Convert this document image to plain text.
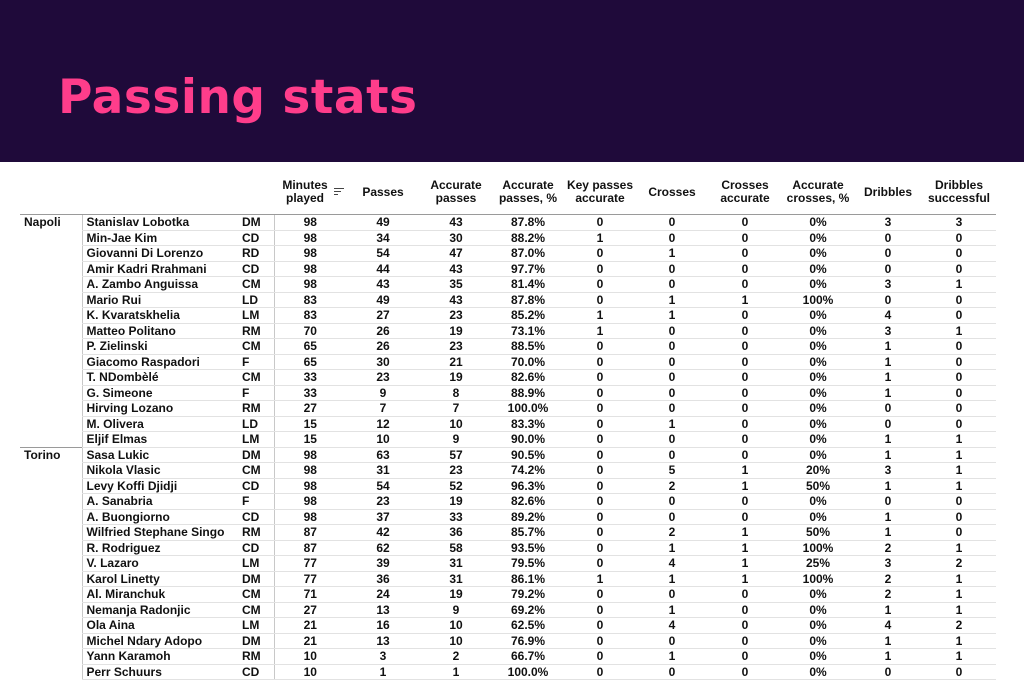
Passing stats
			Minutes played	Passes	Accurate passes	Accurate passes, %	Key passes accurate	Crosses	Crosses accurate	Accurate crosses, %	Dribbles	Dribbles successful
Napoli	Stanislav Lobotka	DM	98	49	43	87.8%	0	0	0	0%	3	3
	Min-Jae Kim	CD	98	34	30	88.2%	1	0	0	0%	0	0
	Giovanni Di Lorenzo	RD	98	54	47	87.0%	0	1	0	0%	0	0
	Amir Kadri Rrahmani	CD	98	44	43	97.7%	0	0	0	0%	0	0
	A. Zambo Anguissa	CM	98	43	35	81.4%	0	0	0	0%	3	1
	Mario Rui	LD	83	49	43	87.8%	0	1	1	100%	0	0
	K. Kvaratskhelia	LM	83	27	23	85.2%	1	1	0	0%	4	0
	Matteo Politano	RM	70	26	19	73.1%	1	0	0	0%	3	1
	P. Zielinski	CM	65	26	23	88.5%	0	0	0	0%	1	0
	Giacomo Raspadori	F	65	30	21	70.0%	0	0	0	0%	1	0
	T. NDombèlé	CM	33	23	19	82.6%	0	0	0	0%	1	0
	G. Simeone	F	33	9	8	88.9%	0	0	0	0%	1	0
	Hirving Lozano	RM	27	7	7	100.0%	0	0	0	0%	0	0
	M. Olivera	LD	15	12	10	83.3%	0	1	0	0%	0	0
	Eljif Elmas	LM	15	10	9	90.0%	0	0	0	0%	1	1
Torino	Sasa Lukic	DM	98	63	57	90.5%	0	0	0	0%	1	1
	Nikola Vlasic	CM	98	31	23	74.2%	0	5	1	20%	3	1
	Levy Koffi Djidji	CD	98	54	52	96.3%	0	2	1	50%	1	1
	A. Sanabria	F	98	23	19	82.6%	0	0	0	0%	0	0
	A. Buongiorno	CD	98	37	33	89.2%	0	0	0	0%	1	0
	Wilfried Stephane Singo	RM	87	42	36	85.7%	0	2	1	50%	1	0
	R. Rodriguez	CD	87	62	58	93.5%	0	1	1	100%	2	1
	V. Lazaro	LM	77	39	31	79.5%	0	4	1	25%	3	2
	Karol Linetty	DM	77	36	31	86.1%	1	1	1	100%	2	1
	Al. Miranchuk	CM	71	24	19	79.2%	0	0	0	0%	2	1
	Nemanja Radonjic	CM	27	13	9	69.2%	0	1	0	0%	1	1
	Ola Aina	LM	21	16	10	62.5%	0	4	0	0%	4	2
	Michel Ndary Adopo	DM	21	13	10	76.9%	0	0	0	0%	1	1
	Yann Karamoh	RM	10	3	2	66.7%	0	1	0	0%	1	1
	Perr Schuurs	CD	10	1	1	100.0%	0	0	0	0%	0	0
